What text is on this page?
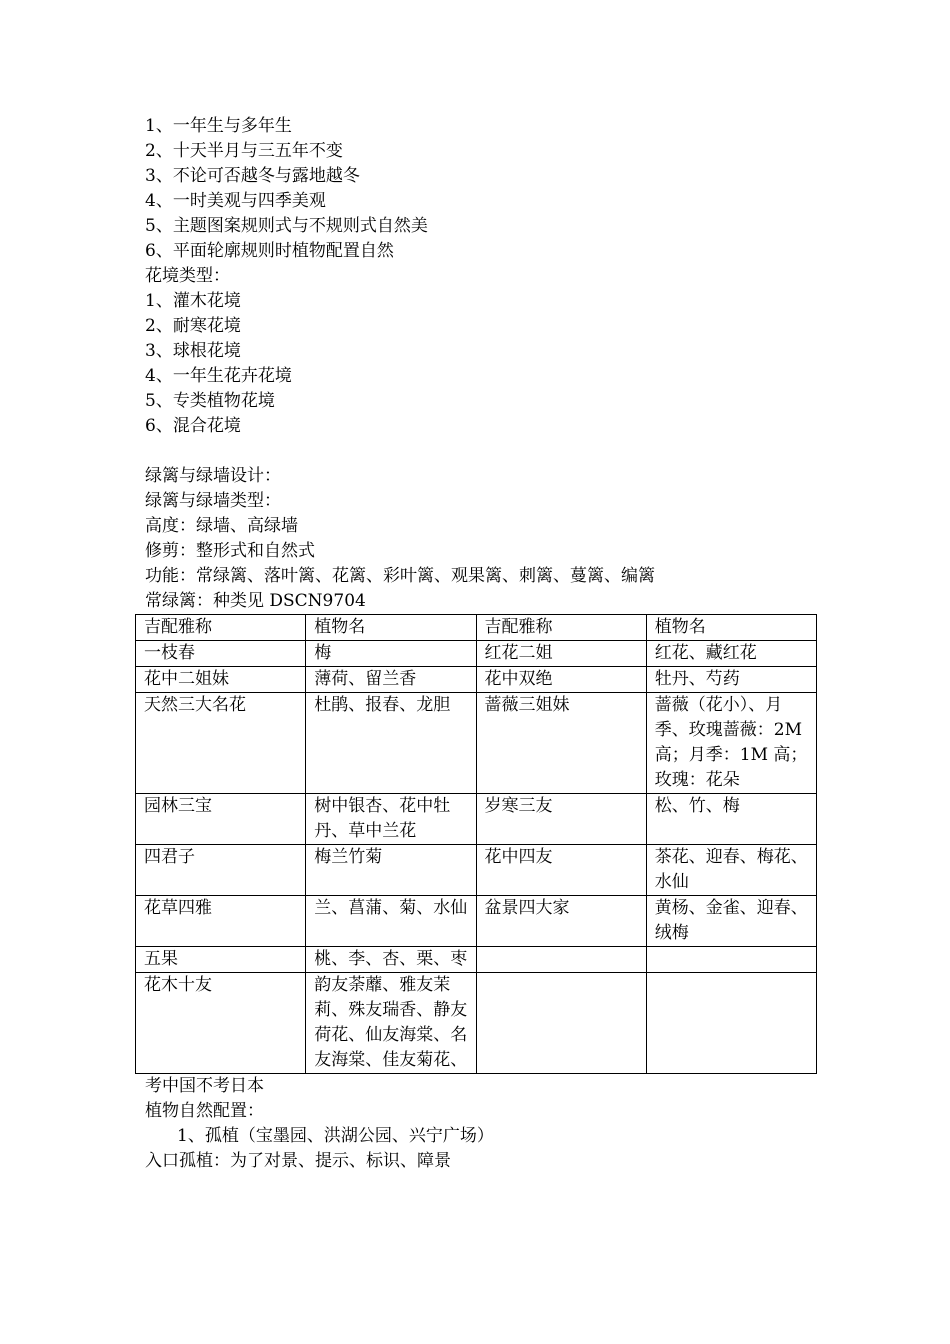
1、一年生与多年生
2、十天半月与三五年不变
3、不论可否越冬与露地越冬
4、一时美观与四季美观
5、主题图案规则式与不规则式自然美
6、平面轮廓规则时植物配置自然
花境类型：
1、灌木花境
2、耐寒花境
3、球根花境
4、一年生花卉花境
5、专类植物花境
6、混合花境
绿篱与绿墙设计：
绿篱与绿墙类型：
高度：绿墙、高绿墙
修剪：整形式和自然式
功能：常绿篱、落叶篱、花篱、彩叶篱、观果篱、刺篱、蔓篱、编篱
常绿篱：种类见 DSCN9704
吉配雅称	植物名	吉配雅称	植物名
一枝春	梅	红花二姐	红花、藏红花
花中二姐妹	薄荷、留兰香	花中双绝	牡丹、芍药
天然三大名花	杜鹃、报春、龙胆	蔷薇三姐妹	蔷薇（花小）、月季、玫瑰蔷薇：2M 高；月季：1M 高；玫瑰：花朵
园林三宝	树中银杏、花中牡丹、草中兰花	岁寒三友	松、竹、梅
四君子	梅兰竹菊	花中四友	茶花、迎春、梅花、水仙
花草四雅	兰、菖蒲、菊、水仙	盆景四大家	黄杨、金雀、迎春、绒梅
五果	桃、李、杏、栗、枣		
花木十友	韵友荼蘼、雅友茉莉、殊友瑞香、静友荷花、仙友海棠、名友海棠、佳友菊花、		
考中国不考日本
植物自然配置：
1、孤植（宝墨园、洪湖公园、兴宁广场）
入口孤植：为了对景、提示、标识、障景
